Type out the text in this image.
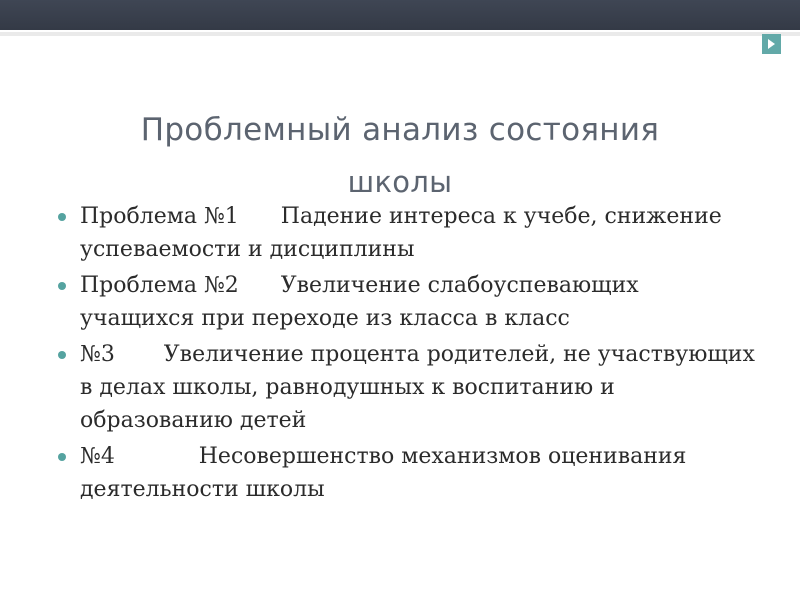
Проблемный анализ состояния
школы
Проблема №1 Падение интереса к учебе, снижение успеваемости и дисциплины
Проблема №2 Увеличение слабоуспевающих учащихся при переходе из класса в класс
№3 Увеличение процента родителей, не участвующих в делах школы, равнодушных к воспитанию и образованию детей
№4	Несовершенство механизмов оценивания деятельности школы
